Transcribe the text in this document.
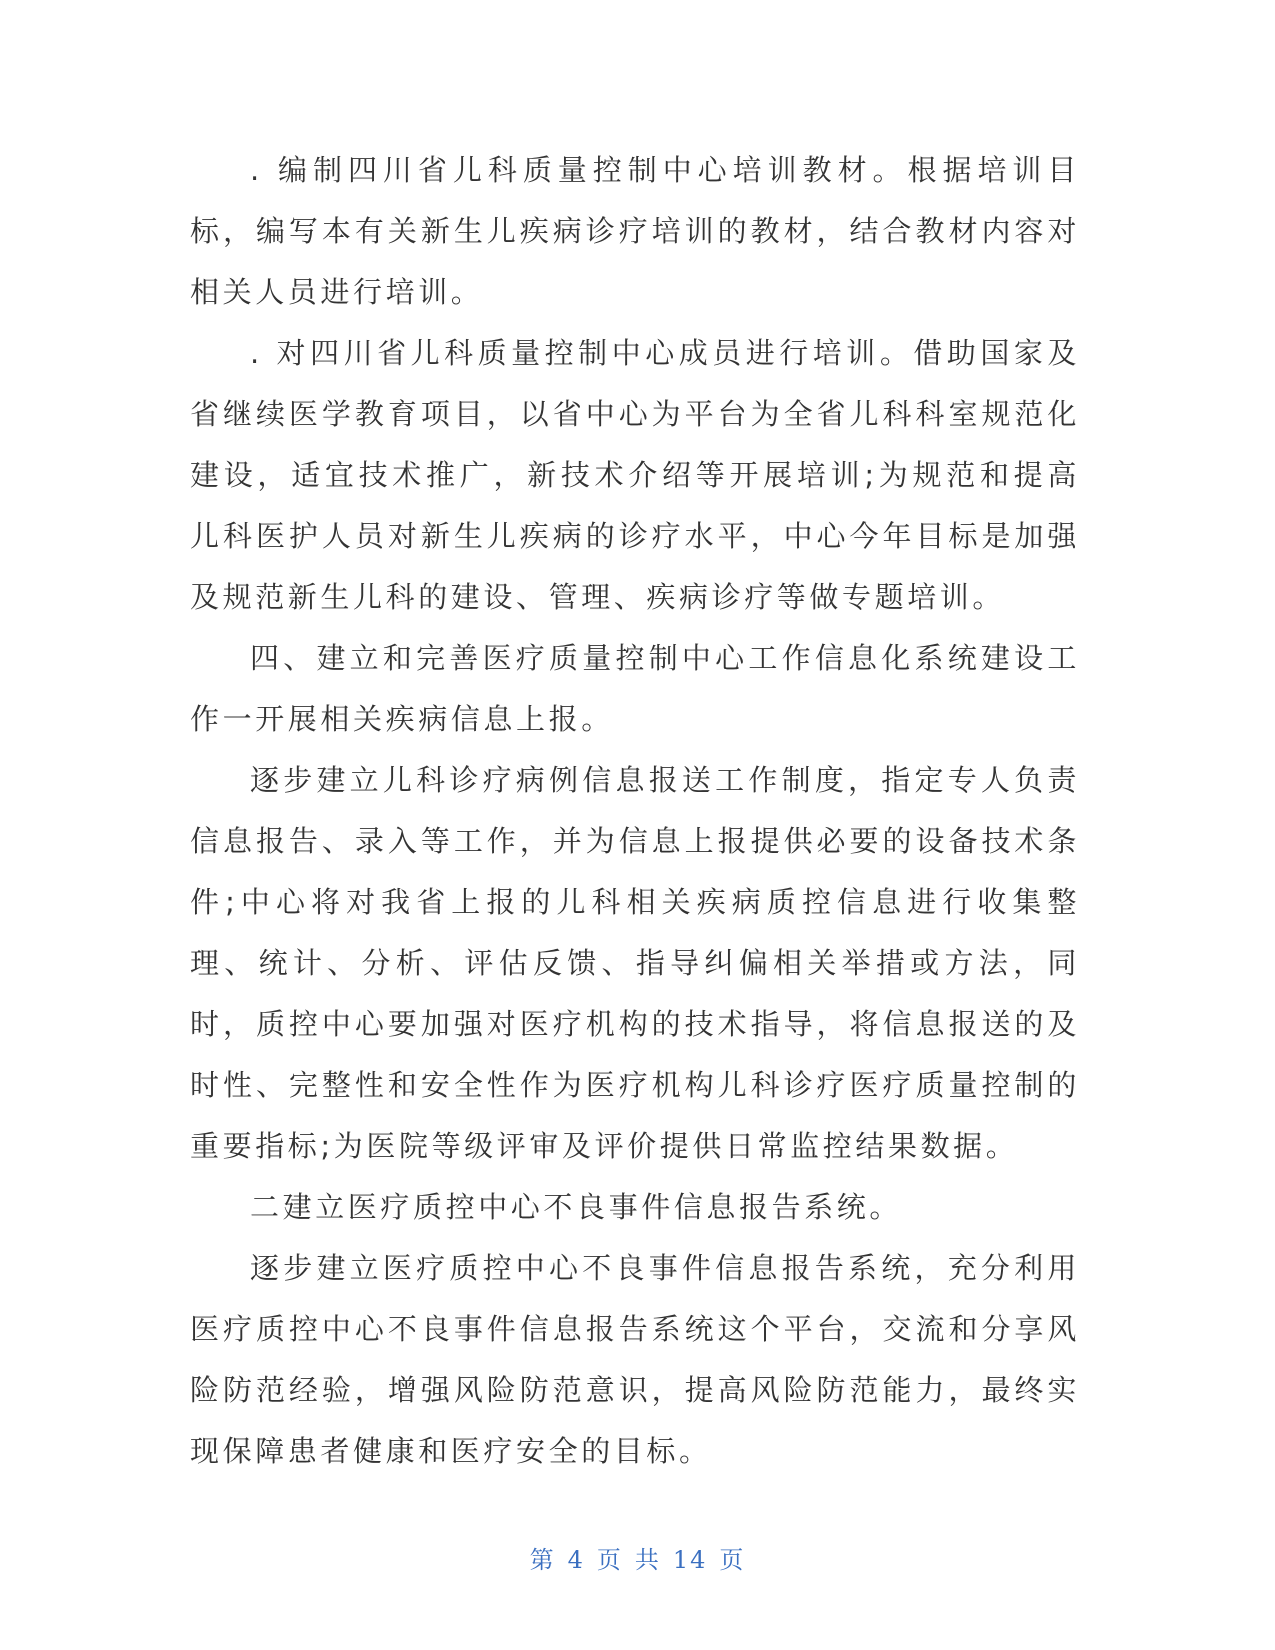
. 编制四川省儿科质量控制中心培训教材。根据培训目标，编写本有关新生儿疾病诊疗培训的教材，结合教材内容对相关人员进行培训。

. 对四川省儿科质量控制中心成员进行培训。借助国家及省继续医学教育项目，以省中心为平台为全省儿科科室规范化建设，适宜技术推广，新技术介绍等开展培训;为规范和提高儿科医护人员对新生儿疾病的诊疗水平，中心今年目标是加强及规范新生儿科的建设、管理、疾病诊疗等做专题培训。

四、建立和完善医疗质量控制中心工作信息化系统建设工作一开展相关疾病信息上报。

逐步建立儿科诊疗病例信息报送工作制度，指定专人负责信息报告、录入等工作，并为信息上报提供必要的设备技术条件;中心将对我省上报的儿科相关疾病质控信息进行收集整理、统计、分析、评估反馈、指导纠偏相关举措或方法，同时，质控中心要加强对医疗机构的技术指导，将信息报送的及时性、完整性和安全性作为医疗机构儿科诊疗医疗质量控制的重要指标;为医院等级评审及评价提供日常监控结果数据。

二建立医疗质控中心不良事件信息报告系统。

逐步建立医疗质控中心不良事件信息报告系统，充分利用医疗质控中心不良事件信息报告系统这个平台，交流和分享风险防范经验，增强风险防范意识，提高风险防范能力，最终实现保障患者健康和医疗安全的目标。

第 4 页 共 14 页
